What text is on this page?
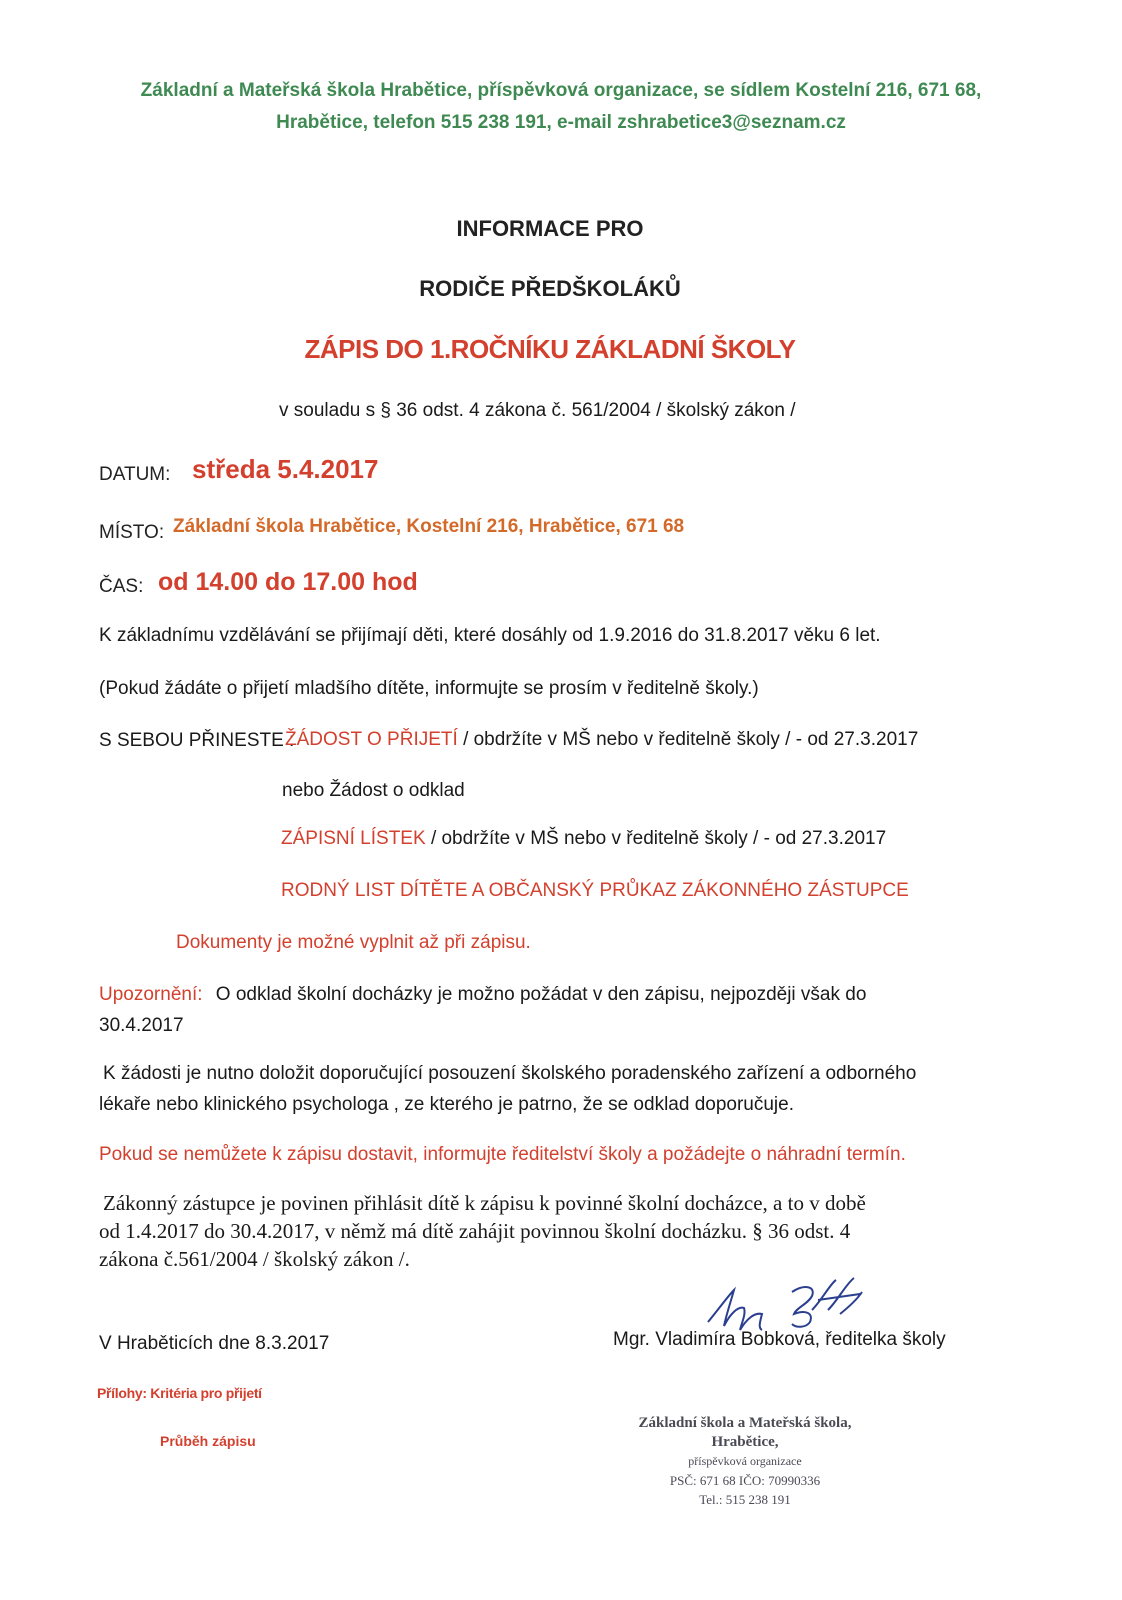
Základní a Mateřská škola Hrabětice, příspěvková organizace, se sídlem Kostelní 216, 671 68,
Hrabětice, telefon 515 238 191, e-mail zshrabetice3@seznam.cz
INFORMACE PRO
RODIČE PŘEDŠKOLÁKŮ
ZÁPIS DO 1.ROČNÍKU ZÁKLADNÍ ŠKOLY
v souladu s § 36 odst. 4 zákona č. 561/2004 / školský zákon /
DATUM: středa 5.4.2017
MÍSTO: Základní škola Hrabětice, Kostelní 216, Hrabětice, 671 68
ČAS: od 14.00 do 17.00 hod
K základnímu vzdělávání se přijímají děti, které dosáhly od 1.9.2016 do 31.8.2017 věku 6 let.
(Pokud žádáte o přijetí mladšího dítěte, informujte se prosím v ředitelně školy.)
S SEBOU PŘINESTE :
ŽÁDOST O PŘIJETÍ / obdržíte v MŠ nebo v ředitelně školy / - od 27.3.2017
nebo Žádost o odklad
ZÁPISNÍ LÍSTEK / obdržíte v MŠ nebo v ředitelně školy / - od 27.3.2017
RODNÝ LIST DÍTĚTE A OBČANSKÝ PRŮKAZ ZÁKONNÉHO ZÁSTUPCE
Dokumenty je možné vyplnit až při zápisu.
Upozornění: O odklad školní docházky je možno požádat v den zápisu, nejpozději však do
30.4.2017
K žádosti je nutno doložit doporučující posouzení školského poradenského zařízení a odborného
lékaře nebo klinického psychologa , ze kterého je patrno, že se odklad doporučuje.
Pokud se nemůžete k zápisu dostavit, informujte ředitelství školy a požádejte o náhradní termín.
Zákonný zástupce je povinen přihlásit dítě k zápisu k povinné školní docházce, a to v době
od 1.4.2017 do 30.4.2017, v němž má dítě zahájit povinnou školní docházku. § 36 odst. 4
zákona č.561/2004 / školský zákon /.
V Hraběticích dne 8.3.2017	Mgr. Vladimíra Bobková, ředitelka školy
Přílohy: Kritéria pro přijetí
Průběh zápisu
Základní škola a Mateřská škola,
Hrabětice,
příspěvková organizace
PSČ: 671 68 IČO: 70990336
Tel.: 515 238 191
